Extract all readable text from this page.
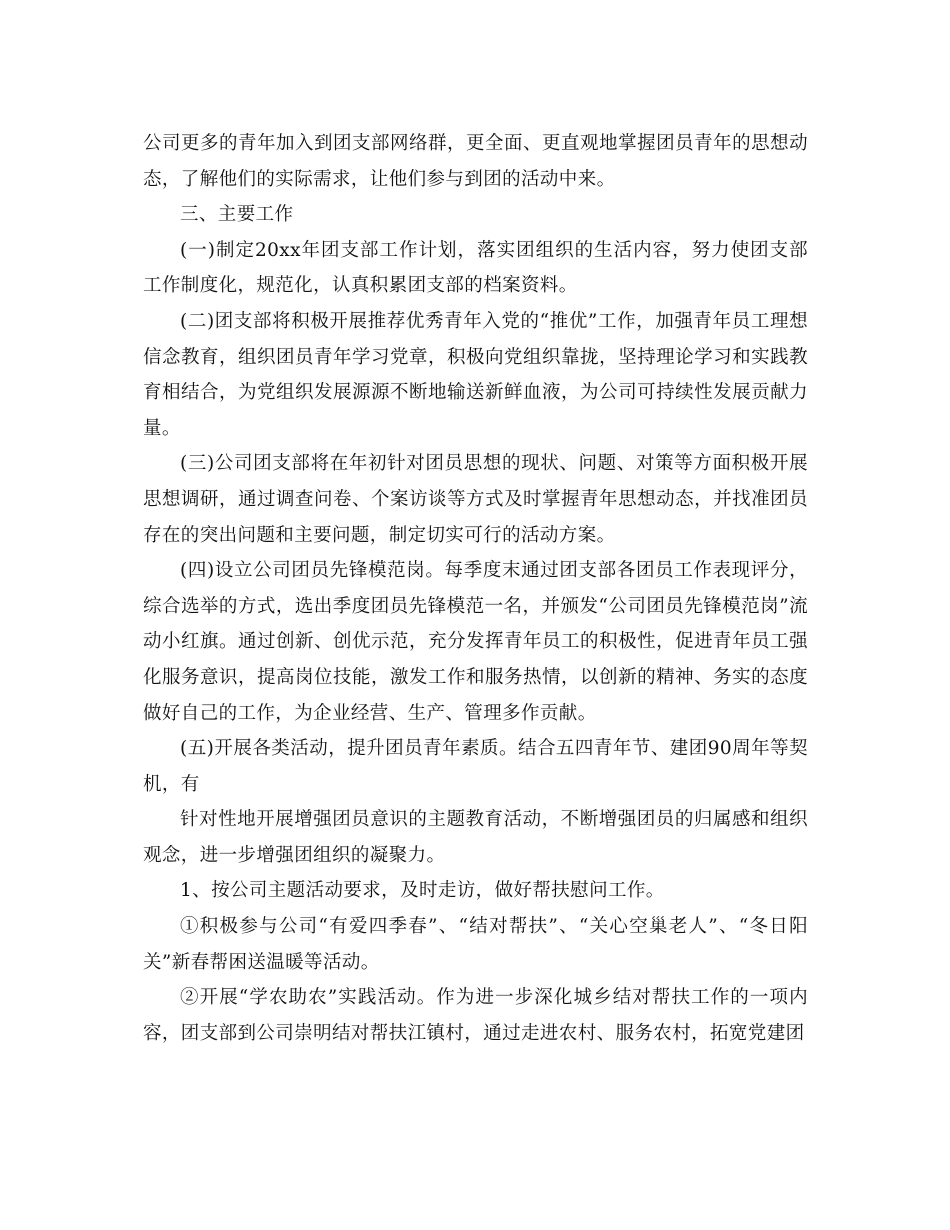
公司更多的青年加入到团支部网络群，更全面、更直观地掌握团员青年的思想动态，了解他们的实际需求，让他们参与到团的活动中来。

三、主要工作

(一)制定20xx年团支部工作计划，落实团组织的生活内容，努力使团支部工作制度化，规范化，认真积累团支部的档案资料。

(二)团支部将积极开展推荐优秀青年入党的“推优”工作，加强青年员工理想信念教育，组织团员青年学习党章，积极向党组织靠拢，坚持理论学习和实践教育相结合，为党组织发展源源不断地输送新鲜血液，为公司可持续性发展贡献力量。

(三)公司团支部将在年初针对团员思想的现状、问题、对策等方面积极开展思想调研，通过调查问卷、个案访谈等方式及时掌握青年思想动态，并找准团员存在的突出问题和主要问题，制定切实可行的活动方案。

(四)设立公司团员先锋模范岗。每季度末通过团支部各团员工作表现评分，综合选举的方式，选出季度团员先锋模范一名，并颁发“公司团员先锋模范岗”流动小红旗。通过创新、创优示范，充分发挥青年员工的积极性，促进青年员工强化服务意识，提高岗位技能，激发工作和服务热情，以创新的精神、务实的态度做好自己的工作，为企业经营、生产、管理多作贡献。

(五)开展各类活动，提升团员青年素质。结合五四青年节、建团90周年等契机，有

针对性地开展增强团员意识的主题教育活动，不断增强团员的归属感和组织观念，进一步增强团组织的凝聚力。

1、按公司主题活动要求，及时走访，做好帮扶慰问工作。

①积极参与公司“有爱四季春”、“结对帮扶”、“关心空巢老人”、“冬日阳关”新春帮困送温暖等活动。

②开展“学农助农”实践活动。作为进一步深化城乡结对帮扶工作的一项内容，团支部到公司崇明结对帮扶江镇村，通过走进农村、服务农村，拓宽党建团
